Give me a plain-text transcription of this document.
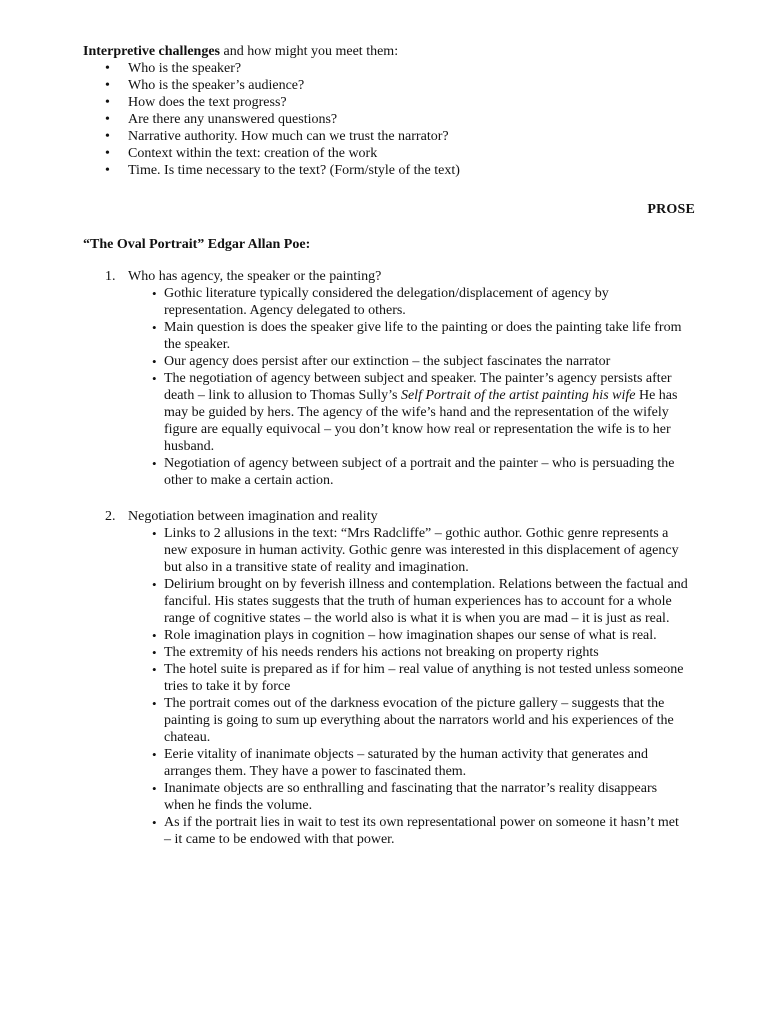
Interpretive challenges and how might you meet them:

• Who is the speaker?
• Who is the speaker’s audience?
• How does the text progress?
• Are there any unanswered questions?
• Narrative authority. How much can we trust the narrator?
• Context within the text: creation of the work
• Time. Is time necessary to the text? (Form/style of the text)
PROSE
“The Oval Portrait” Edgar Allan Poe:
1. Who has agency, the speaker or the painting?
• Gothic literature typically considered the delegation/displacement of agency by representation. Agency delegated to others.
• Main question is does the speaker give life to the painting or does the painting take life from the speaker.
• Our agency does persist after our extinction – the subject fascinates the narrator
• The negotiation of agency between subject and speaker. The painter’s agency persists after death – link to allusion to Thomas Sully’s Self Portrait of the artist painting his wife He has may be guided by hers. The agency of the wife’s hand and the representation of the wifely figure are equally equivocal – you don’t know how real or representation the wife is to her husband.
• Negotiation of agency between subject of a portrait and the painter – who is persuading the other to make a certain action.
2. Negotiation between imagination and reality
• Links to 2 allusions in the text: “Mrs Radcliffe” – gothic author. Gothic genre represents a new exposure in human activity. Gothic genre was interested in this displacement of agency but also in a transitive state of reality and imagination.
• Delirium brought on by feverish illness and contemplation. Relations between the factual and fanciful. His states suggests that the truth of human experiences has to account for a whole range of cognitive states – the world also is what it is when you are mad – it is just as real.
• Role imagination plays in cognition – how imagination shapes our sense of what is real.
• The extremity of his needs renders his actions not breaking on property rights
• The hotel suite is prepared as if for him – real value of anything is not tested unless someone tries to take it by force
• The portrait comes out of the darkness evocation of the picture gallery – suggests that the painting is going to sum up everything about the narrators world and his experiences of the chateau.
• Eerie vitality of inanimate objects – saturated by the human activity that generates and arranges them. They have a power to fascinated them.
• Inanimate objects are so enthralling and fascinating that the narrator’s reality disappears when he finds the volume.
• As if the portrait lies in wait to test its own representational power on someone it hasn’t met – it came to be endowed with that power.
